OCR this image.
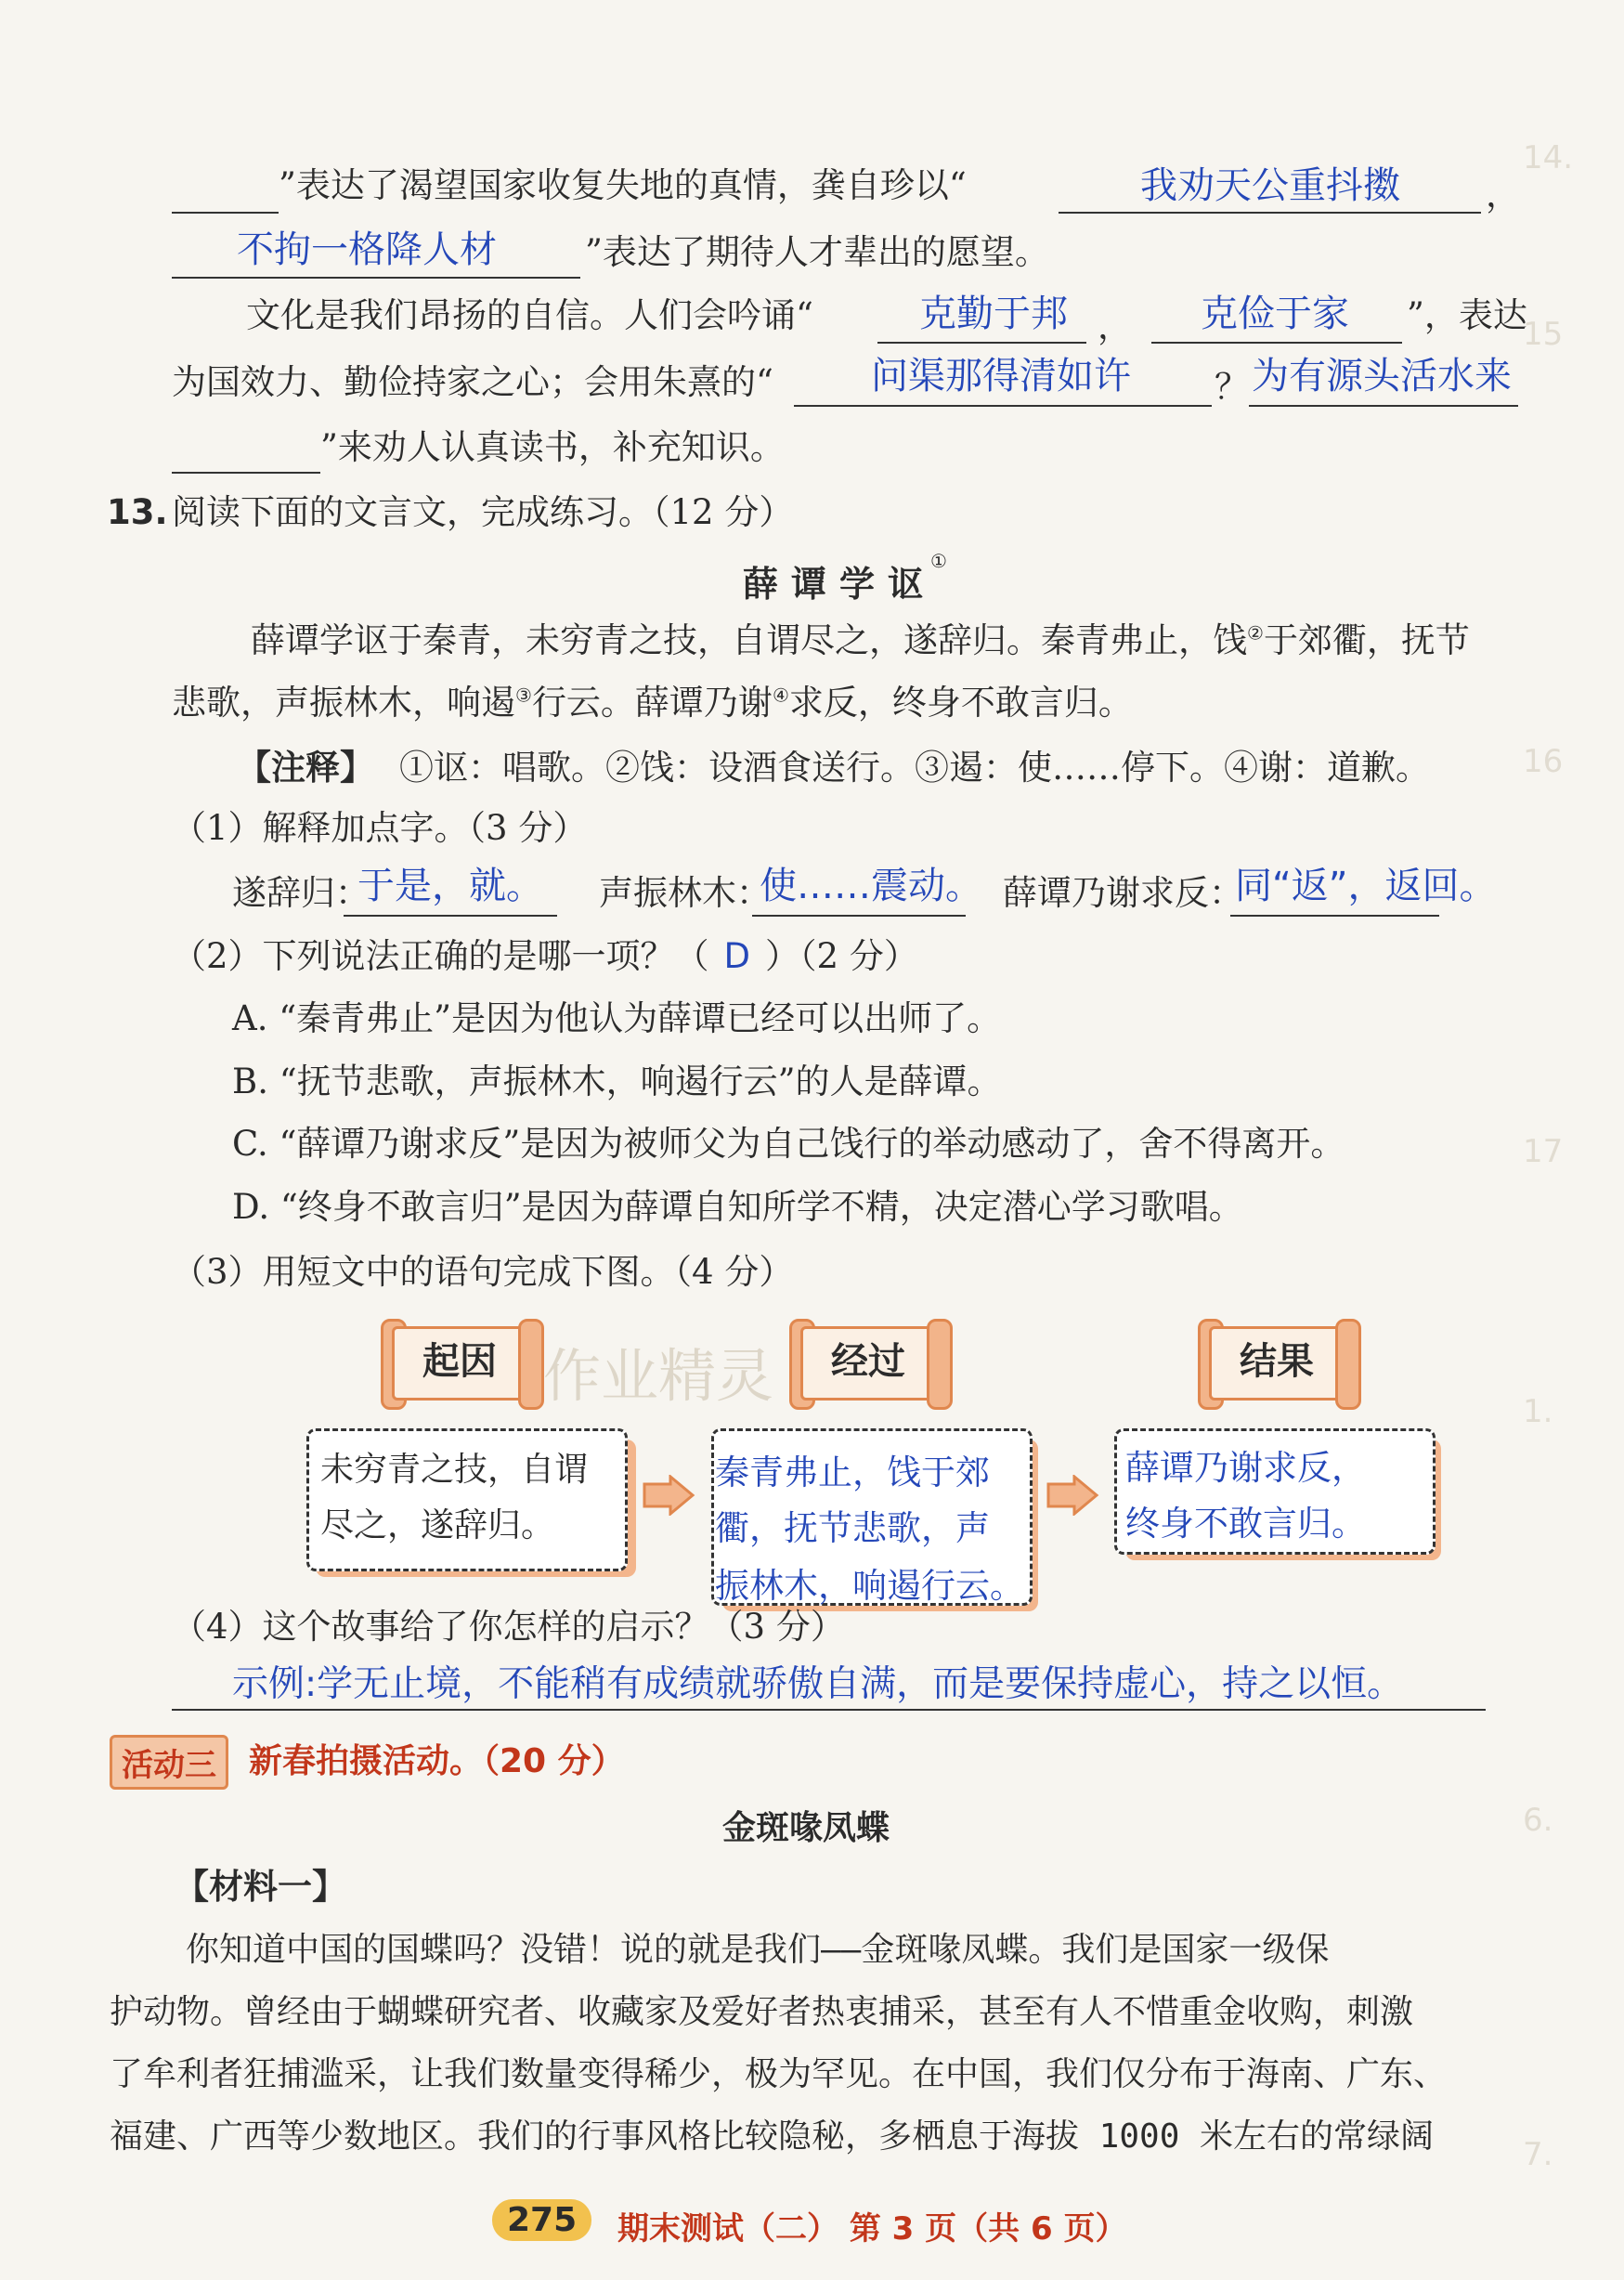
14.
15
16
17
1.
6.
7.
”表达了渴望国家收复失地的真情，龚自珍以“	我劝天公重抖擞 ，
不拘一格降人材	”表达了期待人才辈出的愿望。
文化是我们昂扬的自信。人们会吟诵“	克勤于邦 ， 克俭于家 ”，表达
为国效力、勤俭持家之心；会用朱熹的“	问渠那得清如许 ？ 为有源头活水来
”来劝人认真读书，补充知识。
13. 阅读下面的文言文，完成练习。（12 分）
薛谭学讴
①
薛谭学讴于秦青，未穷青之技，自谓尽之，遂辞归。秦青弗止，饯②于郊衢，抚节
悲歌，声振林木，响遏③行云。薛谭乃谢④求反，终身不敢言归。
【注释】 ①讴：唱歌。②饯：设酒食送行。③遏：使……停下。④谢：道歉。
（1）解释加点字。（3 分）
遂辞归：
于是，就。 声振林木：
使……震动。 薛谭乃谢求反：
同“返”，返回。
（2）下列说法正确的是哪一项？（ D ）（2 分）
A. “秦青弗止”是因为他认为薛谭已经可以出师了。
B. “抚节悲歌，声振林木，响遏行云”的人是薛谭。
C. “薛谭乃谢求反”是因为被师父为自己饯行的举动感动了，舍不得离开。
D. “终身不敢言归”是因为薛谭自知所学不精，决定潜心学习歌唱。
（3）用短文中的语句完成下图。（4 分）
起因	经过	结果
作业精灵
未穷青之技，自谓
尽之，遂辞归。
秦青弗止，饯于郊
衢，抚节悲歌，声
振林木，响遏行云。
薛谭乃谢求反，
终身不敢言归。
（4）这个故事给了你怎样的启示？（3 分）
示例:学无止境，不能稍有成绩就骄傲自满，而是要保持虚心，持之以恒。
活动三 新春拍摄活动。（20 分）
金斑喙凤蝶
【材料一】
你知道中国的国蝶吗？没错！说的就是我们——金斑喙凤蝶。我们是国家一级保
护动物。曾经由于蝴蝶研究者、收藏家及爱好者热衷捕采，甚至有人不惜重金收购，刺激
了牟利者狂捕滥采，让我们数量变得稀少，极为罕见。在中国，我们仅分布于海南、广东、
福建、广西等少数地区。我们的行事风格比较隐秘，多栖息于海拔 1000 米左右的常绿阔
275	期末测试（二） 第 3 页（共 6 页）
